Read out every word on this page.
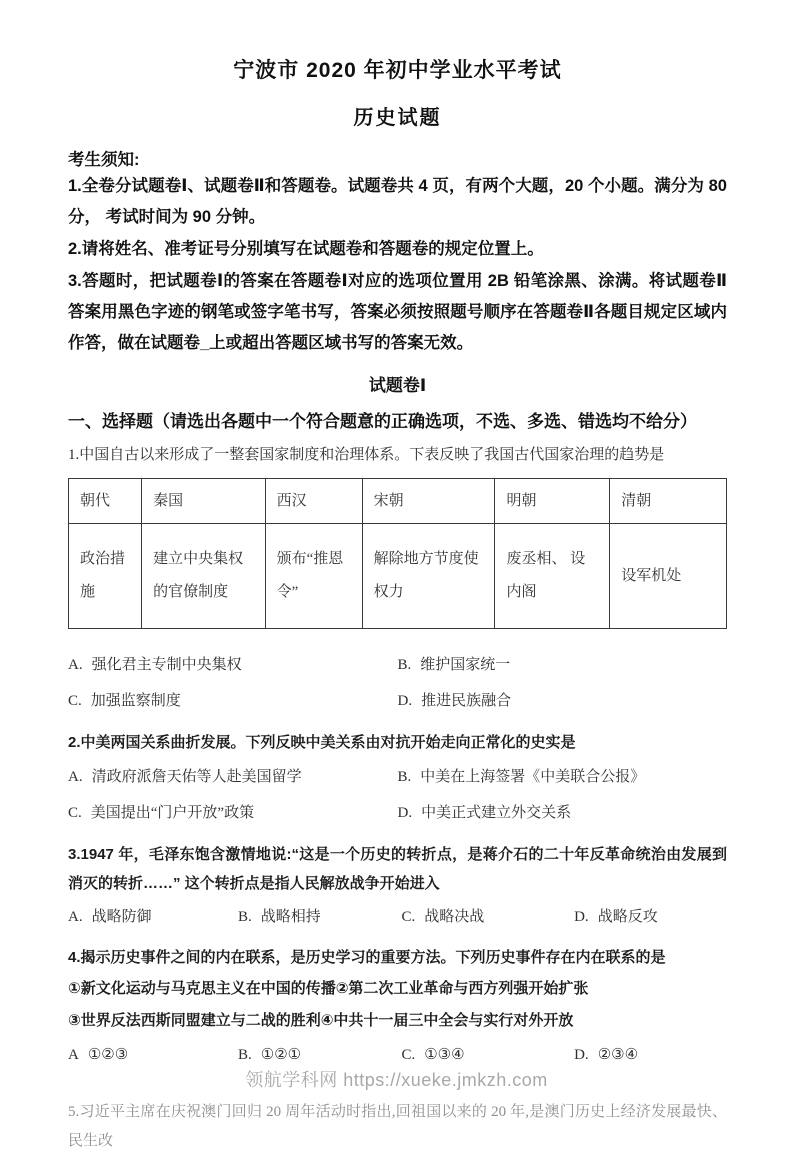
宁波市 2020 年初中学业水平考试
历史试题
考生须知:
1.全卷分试题卷Ⅰ、试题卷Ⅱ和答题卷。试题卷共 4 页，有两个大题，20 个小题。满分为 80 分， 考试时间为 90 分钟。
2.请将姓名、准考证号分别填写在试题卷和答题卷的规定位置上。
3.答题时，把试题卷Ⅰ的答案在答题卷Ⅰ对应的选项位置用 2B 铅笔涂黑、涂满。将试题卷Ⅱ 答案用黑色字迹的钢笔或签字笔书写，答案必须按照题号顺序在答题卷Ⅱ各题目规定区域内作答，做在试题卷_上或超出答题区域书写的答案无效。
试题卷Ⅰ
一、选择题（请选出各题中一个符合题意的正确选项，不选、多选、错选均不给分）
1.中国自古以来形成了一整套国家制度和治理体系。下表反映了我国古代国家治理的趋势是
朝代	秦国	西汉	宋朝	明朝	清朝
政治措施	建立中央集权的官僚制度	颁布“推恩令”	解除地方节度使权力	废丞相、 设内阁	设军机处
A. 强化君主专制中央集权	B. 维护国家统一
C. 加强监察制度	D. 推进民族融合
2.中美两国关系曲折发展。下列反映中美关系由对抗开始走向正常化的史实是
A. 清政府派詹天佑等人赴美国留学	B. 中美在上海签署《中美联合公报》
C. 美国提出“门户开放”政策	D. 中美正式建立外交关系
3.1947 年，毛泽东饱含激情地说:“这是一个历史的转折点，是蒋介石的二十年反革命统治由发展到消灭的转折……” 这个转折点是指人民解放战争开始进入
A. 战略防御	B. 战略相持	C. 战略决战	D. 战略反攻
4.揭示历史事件之间的内在联系，是历史学习的重要方法。下列历史事件存在内在联系的是
①新文化运动与马克思主义在中国的传播②第二次工业革命与西方列强开始扩张
③世界反法西斯同盟建立与二战的胜利④中共十一届三中全会与实行对外开放
A ①②③	B. ①②①	C. ①③④	D. ②③④
5.习近平主席在庆祝澳门回归 20 周年活动时指出,回祖国以来的 20 年,是澳门历史上经济发展最快、民生改
领航学科网 https://xueke.jmkzh.com
